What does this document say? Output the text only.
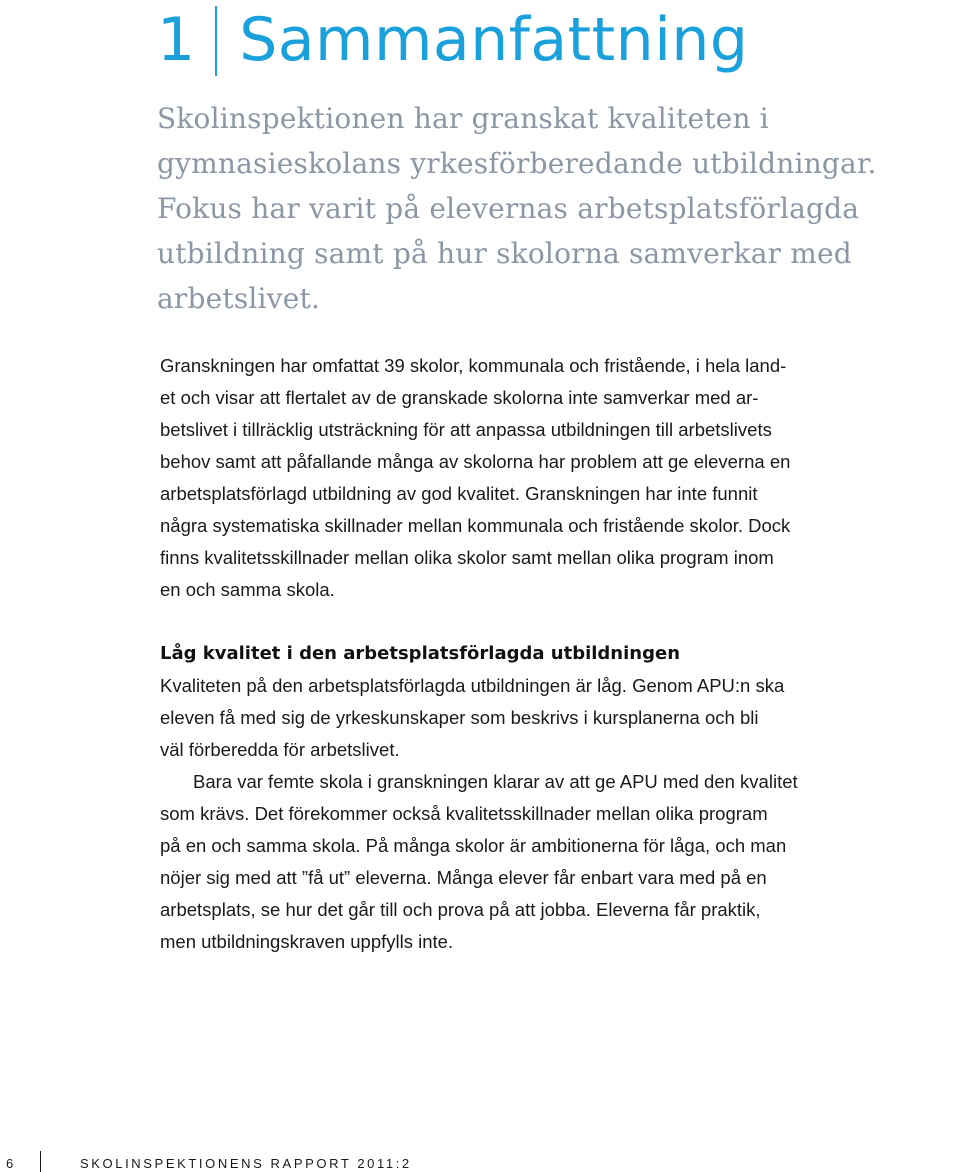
1 Sammanfattning

Skolinspektionen har granskat kvaliteten i gymnasieskolans yrkesförberedande utbildningar. Fokus har varit på elevernas arbetsplatsförlagda utbildning samt på hur skolorna samverkar med arbetslivet.

Granskningen har omfattat 39 skolor, kommunala och fristående, i hela land-
et och visar att flertalet av de granskade skolorna inte samverkar med ar-
betslivet i tillräcklig utsträckning för att anpassa utbildningen till arbetslivets
behov samt att påfallande många av skolorna har problem att ge eleverna en
arbetsplatsförlagd utbildning av god kvalitet. Granskningen har inte funnit
några systematiska skillnader mellan kommunala och fristående skolor. Dock
finns kvalitetsskillnader mellan olika skolor samt mellan olika program inom
en och samma skola.

Låg kvalitet i den arbetsplatsförlagda utbildningen

Kvaliteten på den arbetsplatsförlagda utbildningen är låg. Genom APU:n ska
eleven få med sig de yrkeskunskaper som beskrivs i kursplanerna och bli
väl förberedda för arbetslivet.

Bara var femte skola i granskningen klarar av att ge APU med den kvalitet
som krävs. Det förekommer också kvalitetsskillnader mellan olika program
på en och samma skola. På många skolor är ambitionerna för låga, och man
nöjer sig med att ”få ut” eleverna. Många elever får enbart vara med på en
arbetsplats, se hur det går till och prova på att jobba. Eleverna får praktik,
men utbildningskraven uppfylls inte.

6	SKOLINSPEKTIONENS RAPPORT 2011:2
